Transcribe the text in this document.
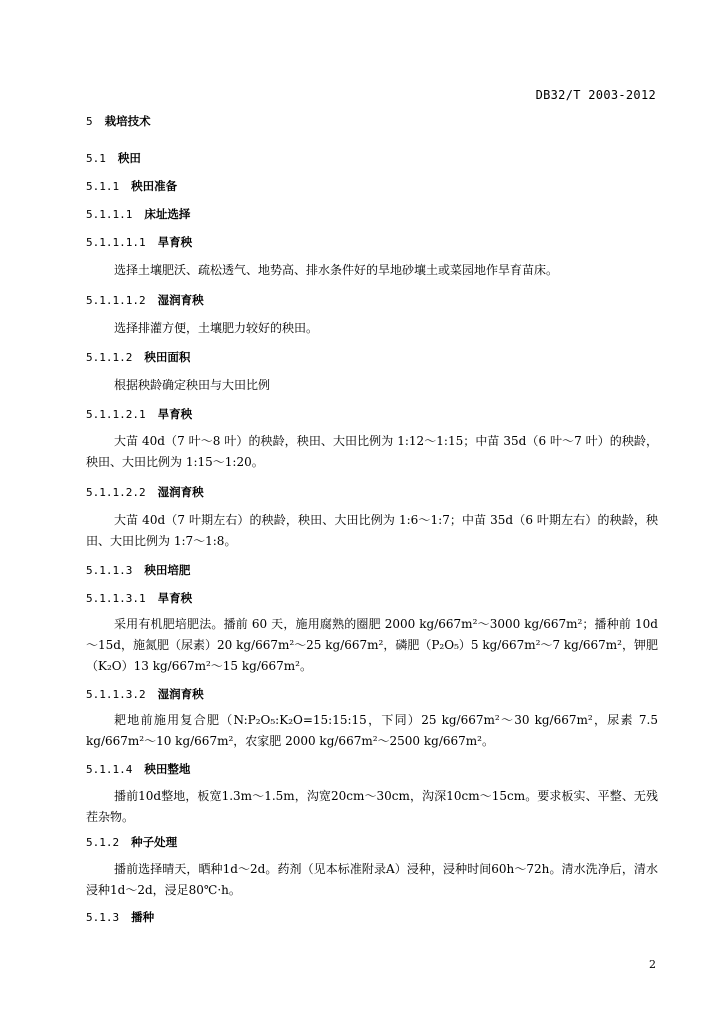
DB32/T 2003-2012
5 栽培技术
5.1 秧田
5.1.1 秧田准备
5.1.1.1 床址选择
5.1.1.1.1 旱育秧
选择土壤肥沃、疏松透气、地势高、排水条件好的旱地砂壤土或菜园地作旱育苗床。
5.1.1.1.2 湿润育秧
选择排灌方便，土壤肥力较好的秧田。
5.1.1.2 秧田面积
根据秧龄确定秧田与大田比例
5.1.1.2.1 旱育秧
大苗 40d（7 叶～8 叶）的秧龄，秧田、大田比例为 1:12～1:15；中苗 35d（6 叶～7 叶）的秧龄，秧田、大田比例为 1:15～1:20。
5.1.1.2.2 湿润育秧
大苗 40d（7 叶期左右）的秧龄，秧田、大田比例为 1:6～1:7；中苗 35d（6 叶期左右）的秧龄，秧田、大田比例为 1:7～1:8。
5.1.1.3 秧田培肥
5.1.1.3.1 旱育秧
采用有机肥培肥法。播前 60 天，施用腐熟的圈肥 2000 kg/667m²～3000 kg/667m²；播种前 10d～15d，施氮肥（尿素）20 kg/667m²～25 kg/667m²，磷肥（P₂O₅）5 kg/667m²～7 kg/667m²，钾肥（K₂O）13 kg/667m²～15 kg/667m²。
5.1.1.3.2 湿润育秧
耙地前施用复合肥（N:P₂O₅:K₂O=15:15:15，下同）25 kg/667m²～30 kg/667m²，尿素 7.5 kg/667m²～10 kg/667m²，农家肥 2000 kg/667m²～2500 kg/667m²。
5.1.1.4 秧田整地
播前10d整地，板宽1.3m～1.5m，沟宽20cm～30cm，沟深10cm～15cm。要求板实、平整、无残茬杂物。
5.1.2 种子处理
播前选择晴天，晒种1d～2d。药剂（见本标准附录A）浸种，浸种时间60h～72h。清水洗净后，清水浸种1d～2d，浸足80℃·h。
5.1.3 播种
2
